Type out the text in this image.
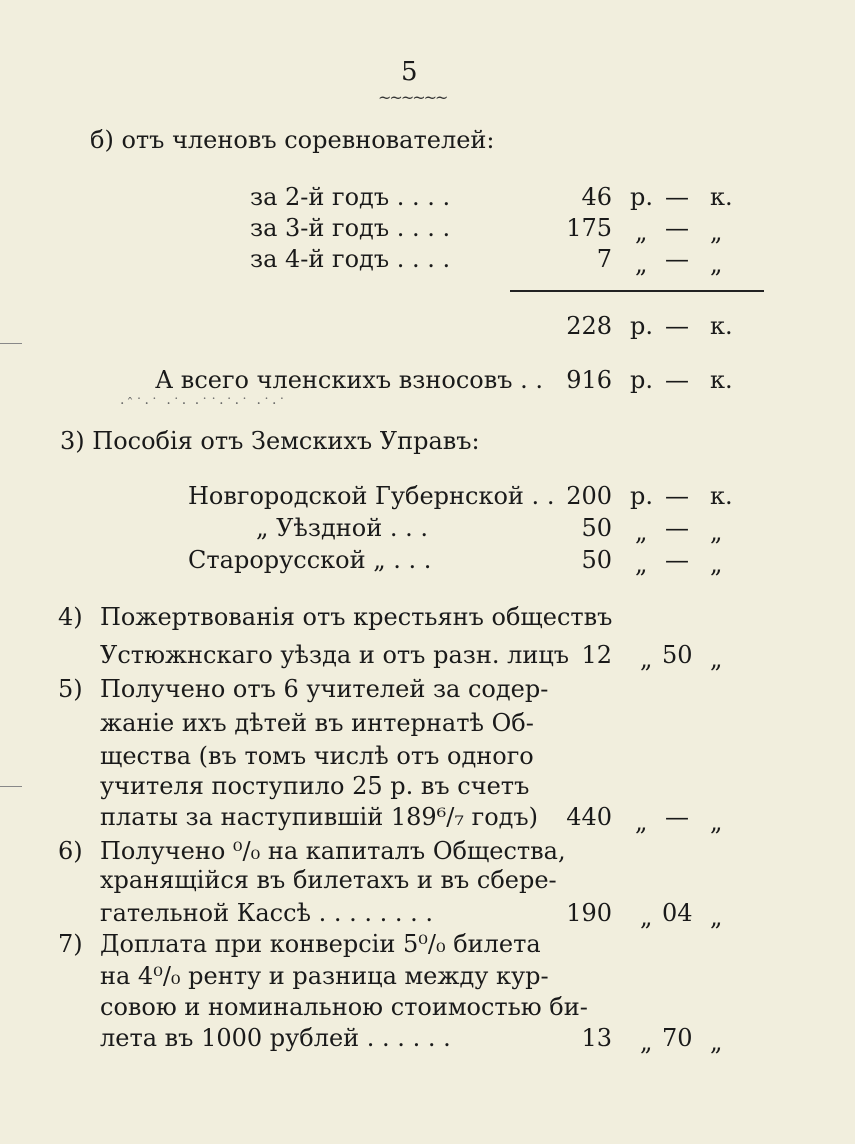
5
~~~~~~
б) отъ членовъ соревнователей:
за 2-й годъ . . . .	46 р. — к.
за 3-й годъ . . . .	175 „ — „
за 4-й годъ . . . .	7 „ — „
228 р. — к.
А всего членскихъ взносовъ . . 916 р. — к.
·ˆ˙·˙ ·˙· ·˙˙·˙·˙ ·˙·˙
3) Пособія отъ Земскихъ Управъ:
Новгородской Губернской . . 200 р. — к.
„ Уѣздной . . .	50 „ — „
Старорусской „ . . .	50 „ — „
4) Пожертвованія отъ крестьянъ обществъ
Устюжнскаго уѣзда и отъ разн. лицъ 12 „ 50 „
5) Получено отъ 6 учителей за содер-
жаніе ихъ дѣтей въ интернатѣ Об-
щества (въ томъ числѣ отъ одного
учителя поступило 25 р. въ счетъ
платы за наступившій 189⁶/₇ годъ)	440 „ — „
6) Получено ⁰/₀ на капиталъ Общества,
хранящійся въ билетахъ и въ сбере-
гательной Кассѣ . . . . . . . .	190 „ 04 „
7) Доплата при конверсіи 5⁰/₀ билета
на 4⁰/₀ ренту и разница между кур-
совою и номинальною стоимостью би-
лета въ 1000 рублей . . . . . .	13 „ 70 „
